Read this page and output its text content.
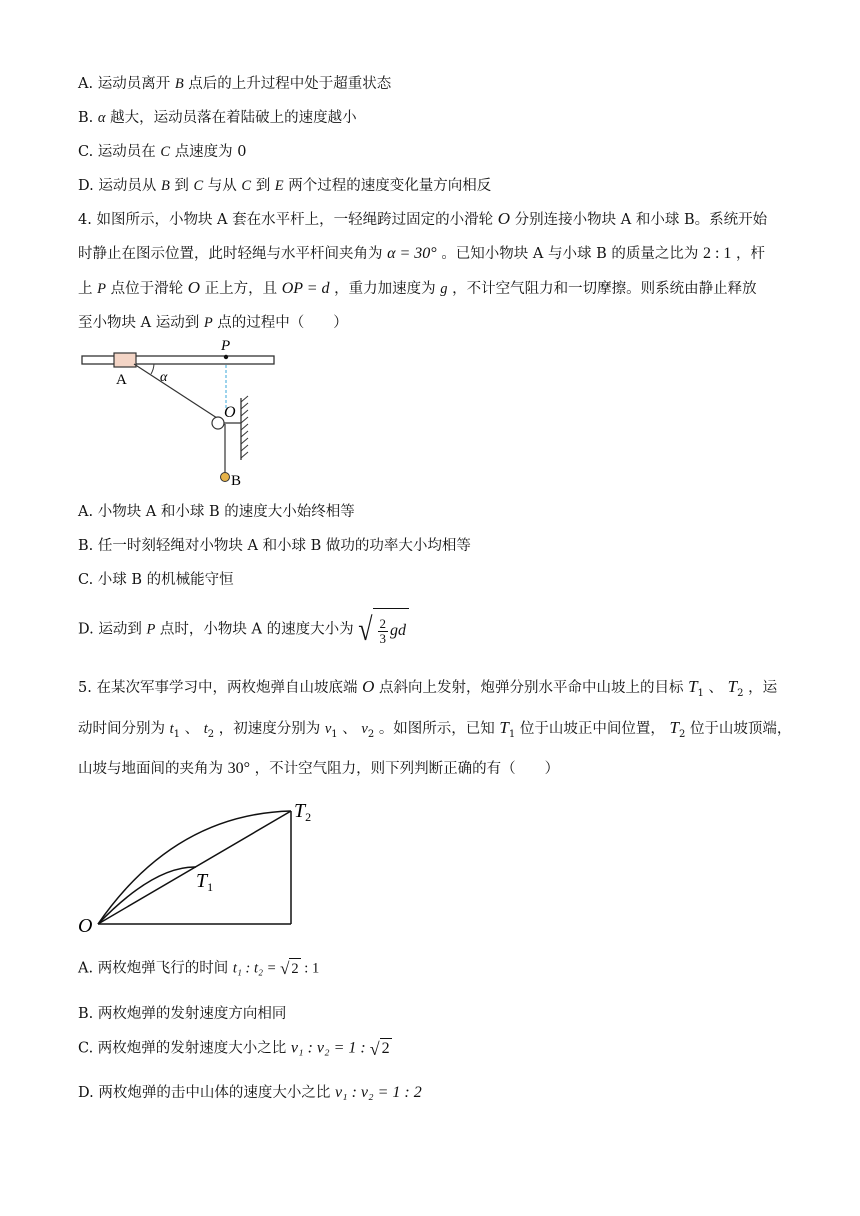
A. 运动员离开 B 点后的上升过程中处于超重状态
B. α 越大，运动员落在着陆破上的速度越小
C. 运动员在 C 点速度为 0
D. 运动员从 B 到 C 与从 C 到 E 两个过程的速度变化量方向相反
4. 如图所示，小物块 A 套在水平杆上，一轻绳跨过固定的小滑轮 O 分别连接小物块 A 和小球 B。系统开始
时静止在图示位置，此时轻绳与水平杆间夹角为 α = 30° 。已知小物块 A 与小球 B 的质量之比为 2 : 1 ，杆
上 P 点位于滑轮 O 正上方，且 OP = d ，重力加速度为 g ，不计空气阻力和一切摩擦。则系统由静止释放
至小物块 A 运动到 P 点的过程中（　　）
A α
P
O
B
A. 小物块 A 和小球 B 的速度大小始终相等
B. 任一时刻轻绳对小物块 A 和小球 B 做功的功率大小均相等
C. 小球 B 的机械能守恒
D. 运动到 P 点时，小物块 A 的速度大小为 √ $\frac{2}{3}$ gd
5. 在某次军事学习中，两枚炮弹自山坡底端 O 点斜向上发射，炮弹分别水平命中山坡上的目标 $T_1$ 、 $T_2$ ，运
动时间分别为 $t_1$ 、 $t_2$ ，初速度分别为 $v_1$ 、 $v_2$ 。如图所示，已知 $T_1$ 位于山坡正中间位置， $T_2$ 位于山坡顶端，
山坡与地面间的夹角为 30° ，不计空气阻力，则下列判断正确的有（　　）
$T_2$
$T_1$
O
A. 两枚炮弹飞行的时间 t₁ : t₂ = √ 2 : 1
B. 两枚炮弹的发射速度方向相同
C. 两枚炮弹的发射速度大小之比 v₁ : v₂ = 1 : √ 2
D. 两枚炮弹的击中山体的速度大小之比 v₁ : v₂ = 1 : 2
